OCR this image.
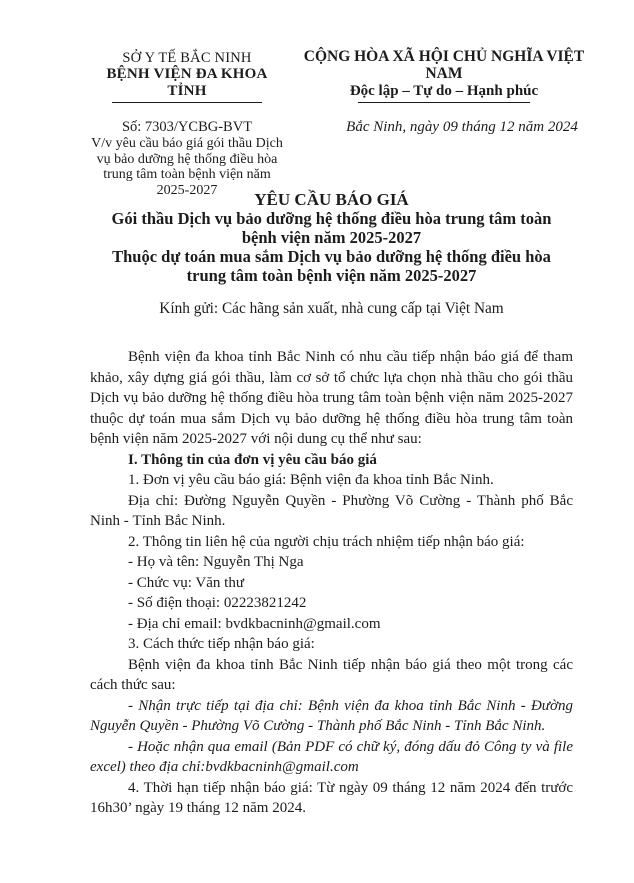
SỞ Y TẾ BẮC NINH
BỆNH VIỆN ĐA KHOA TỈNH
Số: 7303/YCBG-BVT
V/v yêu cầu báo giá gói thầu Dịch vụ bảo dưỡng hệ thống điều hòa trung tâm toàn bệnh viện năm 2025-2027
CỘNG HÒA XÃ HỘI CHỦ NGHĨA VIỆT NAM
Độc lập – Tự do – Hạnh phúc
Bắc Ninh, ngày 09 tháng 12 năm 2024
YÊU CẦU BÁO GIÁ
Gói thầu Dịch vụ bảo dưỡng hệ thống điều hòa trung tâm toàn bệnh viện năm 2025-2027
Thuộc dự toán mua sắm Dịch vụ bảo dưỡng hệ thống điều hòa trung tâm toàn bệnh viện năm 2025-2027
Kính gửi: Các hãng sản xuất, nhà cung cấp tại Việt Nam

Bệnh viện đa khoa tỉnh Bắc Ninh có nhu cầu tiếp nhận báo giá để tham khảo, xây dựng giá gói thầu, làm cơ sở tổ chức lựa chọn nhà thầu cho gói thầu Dịch vụ bảo dưỡng hệ thống điều hòa trung tâm toàn bệnh viện năm 2025-2027 thuộc dự toán mua sắm Dịch vụ bảo dưỡng hệ thống điều hòa trung tâm toàn bệnh viện năm 2025-2027 với nội dung cụ thể như sau:

I. Thông tin của đơn vị yêu cầu báo giá

1. Đơn vị yêu cầu báo giá: Bệnh viện đa khoa tỉnh Bắc Ninh.

Địa chỉ: Đường Nguyễn Quyền - Phường Võ Cường - Thành phố Bắc Ninh - Tỉnh Bắc Ninh.

2. Thông tin liên hệ của người chịu trách nhiệm tiếp nhận báo giá:

- Họ và tên: Nguyễn Thị Nga

- Chức vụ: Văn thư

- Số điện thoại: 02223821242

- Địa chỉ email: bvdkbacninh@gmail.com

3. Cách thức tiếp nhận báo giá:

Bệnh viện đa khoa tỉnh Bắc Ninh tiếp nhận báo giá theo một trong các cách thức sau:

- Nhận trực tiếp tại địa chỉ: Bệnh viện đa khoa tỉnh Bắc Ninh - Đường Nguyễn Quyền - Phường Võ Cường - Thành phố Bắc Ninh - Tỉnh Bắc Ninh.

- Hoặc nhận qua email (Bản PDF có chữ ký, đóng dấu đỏ Công ty và file excel) theo địa chỉ:bvdkbacninh@gmail.com

4. Thời hạn tiếp nhận báo giá: Từ ngày 09 tháng 12 năm 2024 đến trước 16h30’ ngày 19 tháng 12 năm 2024.
